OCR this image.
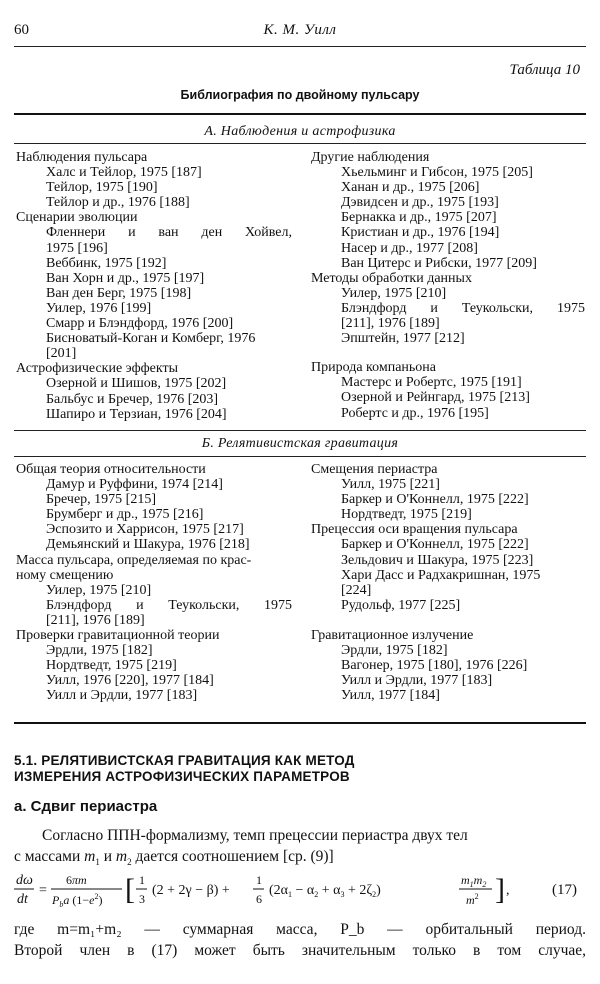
60	К. М. Уилл
Таблица 10
Библиография по двойному пульсару
А. Наблюдения и астрофизика
Наблюдения пульсара
Халс и Тейлор, 1975 [187]
Тейлор, 1975 [190]
Тейлор и др., 1976 [188]
Сценарии эволюции
Фленнери и ван ден Хойвел,
1975 [196]
Веббинк, 1975 [192]
Ван Хорн и др., 1975 [197]
Ван ден Берг, 1975 [198]
Уилер, 1976 [199]
Смарр и Блэндфорд, 1976 [200]
Бисноватый-Коган и Комберг, 1976
[201]
Астрофизические эффекты
Озерной и Шишов, 1975 [202]
Бальбус и Бречер, 1976 [203]
Шапиро и Терзиан, 1976 [204]
Другие наблюдения
Хьельминг и Гибсон, 1975 [205]
Ханан и др., 1975 [206]
Дэвидсен и др., 1975 [193]
Бернакка и др., 1975 [207]
Кристиан и др., 1976 [194]
Насер и др., 1977 [208]
Ван Цитерс и Рибски, 1977 [209]
Методы обработки данных
Уилер, 1975 [210]
Блэндфорд и Теукольски, 1975
[211], 1976 [189]
Эпштейн, 1977 [212]
Природа компаньона
Мастерс и Робертс, 1975 [191]
Озерной и Рейнгард, 1975 [213]
Робертс и др., 1976 [195]
Б. Релятивистская гравитация
Общая теория относительности
Дамур и Руффини, 1974 [214]
Бречер, 1975 [215]
Брумберг и др., 1975 [216]
Эспозито и Харрисон, 1975 [217]
Демьянский и Шакура, 1976 [218]
Масса пульсара, определяемая по крас-
ному смещению
Уилер, 1975 [210]
Блэндфорд и Теукольски, 1975
[211], 1976 [189]
Проверки гравитационной теории
Эрдли, 1975 [182]
Нордтведт, 1975 [219]
Уилл, 1976 [220], 1977 [184]
Уилл и Эрдли, 1977 [183]
Смещения периастра
Уилл, 1975 [221]
Баркер и О'Коннелл, 1975 [222]
Нордтведт, 1975 [219]
Прецессия оси вращения пульсара
Баркер и О'Коннелл, 1975 [222]
Зельдович и Шакура, 1975 [223]
Хари Дасс и Радхакришнан, 1975
[224]
Рудольф, 1977 [225]
Гравитационное излучение
Эрдли, 1975 [182]
Вагонер, 1975 [180], 1976 [226]
Уилл и Эрдли, 1977 [183]
Уилл, 1977 [184]
5.1. РЕЛЯТИВИСТСКАЯ ГРАВИТАЦИЯ КАК МЕТОД
ИЗМЕРЕНИЯ АСТРОФИЗИЧЕСКИХ ПАРАМЕТРОВ
а. Сдвиг периастра
Согласно ППН-формализму, темп прецессии периастра двух тел
с массами $m_1$ и $m_2$ дается соотношением [ср. (9)]
dω
dt
=
6πm
$P_ba$ $(1-e^2)$ [ 1
3
(2 + 2γ − β) +
1
6
$(2\alpha_1 - \alpha_2 + \alpha_3 + 2\zeta_2)$
$m_1m_2$
$m^2$ ] ,	(17)
где m=m₁+m₂ — суммарная масса, P_b — орбитальный период.
Второй член в (17) может быть значительным только в том случае,
